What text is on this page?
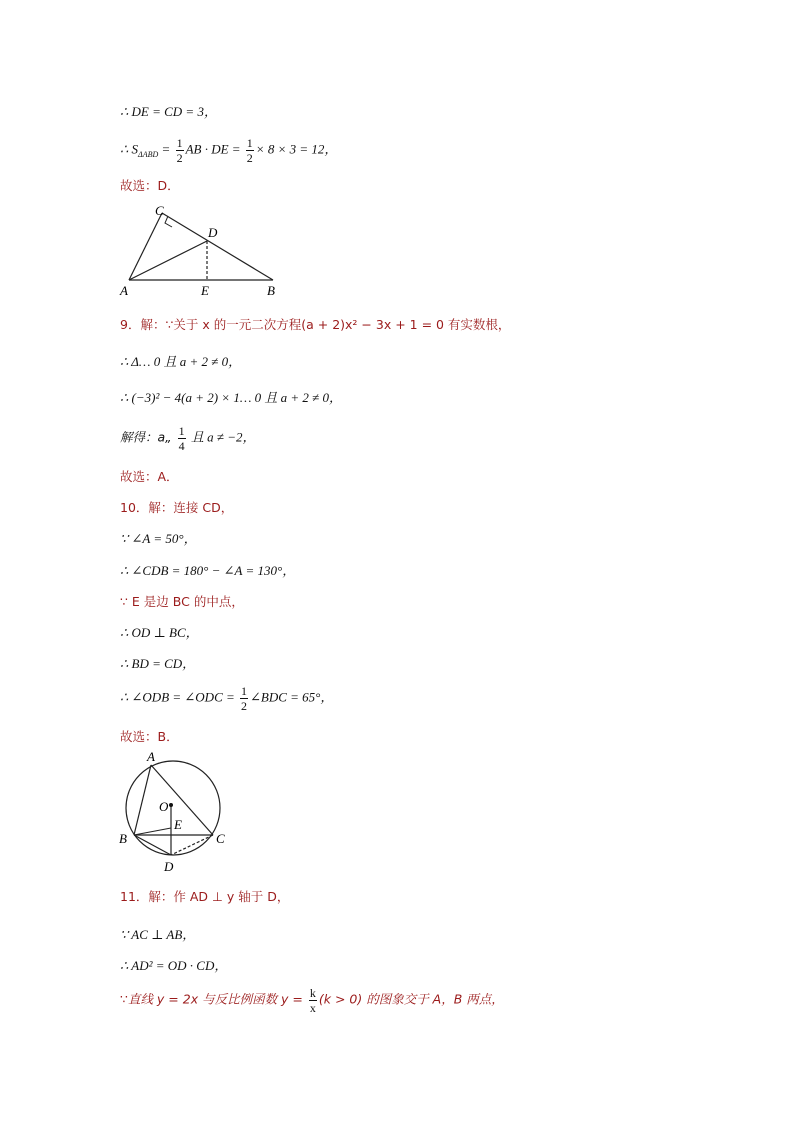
∴ DE = CD = 3，
∴ $S_{\Delta ABD} = \frac{1}{2}$ AB · DE = $\frac{1}{2} \times 8 \times 3 = 12$，
故选：D．
C
D
A	E	B
9．解：∵关于 x 的一元二次方程(a + 2)x² − 3x + 1 = 0 有实数根，
∴ Δ… 0 且 a + 2 ≠ 0，
∴ (−3)² − 4(a + 2) × 1… 0 且 a + 2 ≠ 0，
解得：a„ $\frac{1}{4}$ 且 a ≠ −2，
故选：A．
10．解：连接 CD，
∵ ∠A = 50°，
∴ ∠CDB = 180° − ∠A = 130°，
∵ E 是边 BC 的中点，
∴ OD ⊥ BC，
∴ BD = CD，
∴ ∠ODB = ∠ODC = $\frac{1}{2}$ ∠BDC = 65°，
故选：B．
A
O
E
B	C
D
11．解：作 AD ⊥ y 轴于 D，
∵ AC ⊥ AB，
∴ AD² = OD · CD，
∵直线 y = 2x 与反比例函数 $y = \frac{k}{x} (k > 0)$ 的图象交于 A，B 两点，
